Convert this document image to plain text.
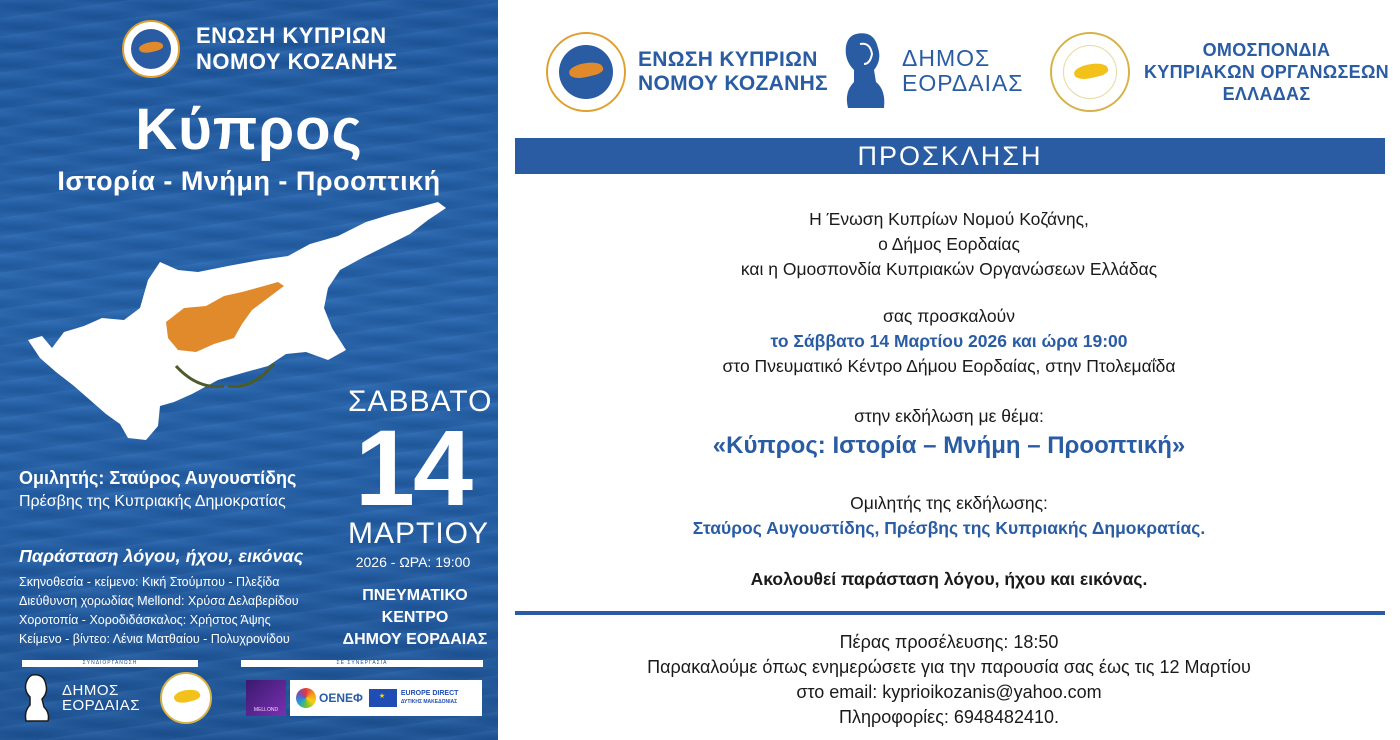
ΕΝΩΣΗ ΚΥΠΡΙΩΝ
ΝΟΜΟΥ ΚΟΖΑΝΗΣ
Κύπρος
Ιστορία - Μνήμη - Προοπτική
ΣΑΒΒΑΤΟ
14
ΜΑΡΤΙΟΥ
2026 - ΩΡΑ: 19:00
Ομιλητής: Σταύρος Αυγουστίδης
Πρέσβης της Κυπριακής Δημοκρατίας
Παράσταση λόγου, ήχου, εικόνας
Σκηνοθεσία - κείμενο: Κική Στούμπου - Πλεξίδα
Διεύθυνση χορωδίας Mellond: Χρύσα Δελαβερίδου
Χοροτοπία - Χοροδιδάσκαλος: Χρήστος Άψης
Κείμενο - βίντεο: Λένια Ματθαίου - Πολυχρονίδου
ΠΝΕΥΜΑΤΙΚΟ
ΚΕΝΤΡΟ
ΔΗΜΟΥ ΕΟΡΔΑΙΑΣ
ΣΥΝΔΙΟΡΓΑΝΩΣΗ	ΣΕ ΣΥΝΕΡΓΑΣΙΑ
ΔΗΜΟΣ
ΕΟΡΔΑΙΑΣ	MELLOND
ΟΕΝΕΦ ★	EUROPE DIRECT
ΔΥΤΙΚΗΣ ΜΑΚΕΔΟΝΙΑΣ
ΕΝΩΣΗ ΚΥΠΡΙΩΝ
ΝΟΜΟΥ ΚΟΖΑΝΗΣ
ΔΗΜΟΣ
ΕΟΡΔΑΙΑΣ
ΟΜΟΣΠΟΝΔΙΑ
ΚΥΠΡΙΑΚΩΝ ΟΡΓΑΝΩΣΕΩΝ
ΕΛΛΑΔΑΣ
ΠΡΟΣΚΛΗΣΗ
Η Ένωση Κυπρίων Νομού Κοζάνης,
ο Δήμος Εορδαίας
και η Ομοσπονδία Κυπριακών Οργανώσεων Ελλάδας
σας προσκαλούν
το Σάββατο 14 Μαρτίου 2026 και ώρα 19:00
στο Πνευματικό Κέντρο Δήμου Εορδαίας, στην Πτολεμαΐδα
στην εκδήλωση με θέμα:
«Κύπρος: Ιστορία – Μνήμη – Προοπτική»
Ομιλητής της εκδήλωσης:
Σταύρος Αυγουστίδης, Πρέσβης της Κυπριακής Δημοκρατίας.
Ακολουθεί παράσταση λόγου, ήχου και εικόνας.
Πέρας προσέλευσης: 18:50
Παρακαλούμε όπως ενημερώσετε για την παρουσία σας έως τις 12 Μαρτίου
στο email: kyprioikozanis@yahoo.com
Πληροφορίες: 6948482410.
